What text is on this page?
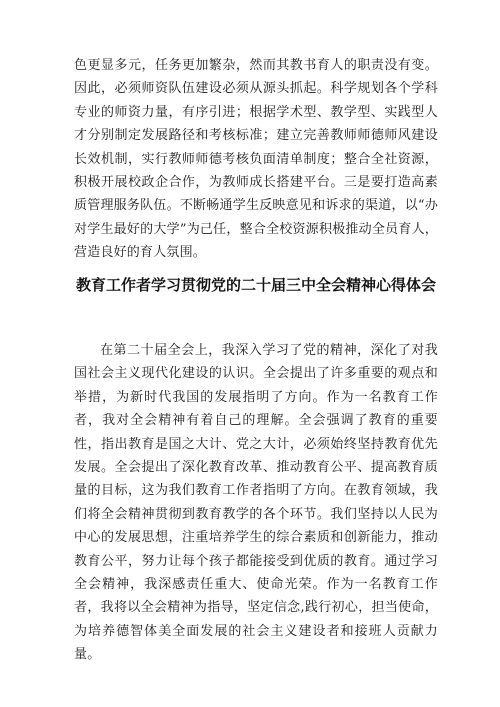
色更显多元，任务更加繁杂，然而其教书育人的职责没有变。因此，必须师资队伍建设必须从源头抓起。科学规划各个学科专业的师资力量，有序引进；根据学术型、教学型、实践型人才分别制定发展路径和考核标准；建立完善教师师德师风建设长效机制，实行教师师德考核负面清单制度；整合全社资源，积极开展校政企合作，为教师成长搭建平台。三是要打造高素质管理服务队伍。不断畅通学生反映意见和诉求的渠道，以“办对学生最好的大学”为己任，整合全校资源积极推动全员育人，营造良好的育人氛围。

教育工作者学习贯彻党的二十届三中全会精神心得体会

在第二十届全会上，我深入学习了党的精神，深化了对我国社会主义现代化建设的认识。全会提出了许多重要的观点和举措，为新时代我国的发展指明了方向。作为一名教育工作者，我对全会精神有着自己的理解。全会强调了教育的重要性，指出教育是国之大计、党之大计，必须始终坚持教育优先发展。全会提出了深化教育改革、推动教育公平、提高教育质量的目标，这为我们教育工作者指明了方向。在教育领域，我们将全会精神贯彻到教育教学的各个环节。我们坚持以人民为中心的发展思想，注重培养学生的综合素质和创新能力，推动教育公平，努力让每个孩子都能接受到优质的教育。通过学习全会精神，我深感责任重大、使命光荣。作为一名教育工作者，我将以全会精神为指导，坚定信念,践行初心，担当使命，为培养德智体美全面发展的社会主义建设者和接班人贡献力量。
